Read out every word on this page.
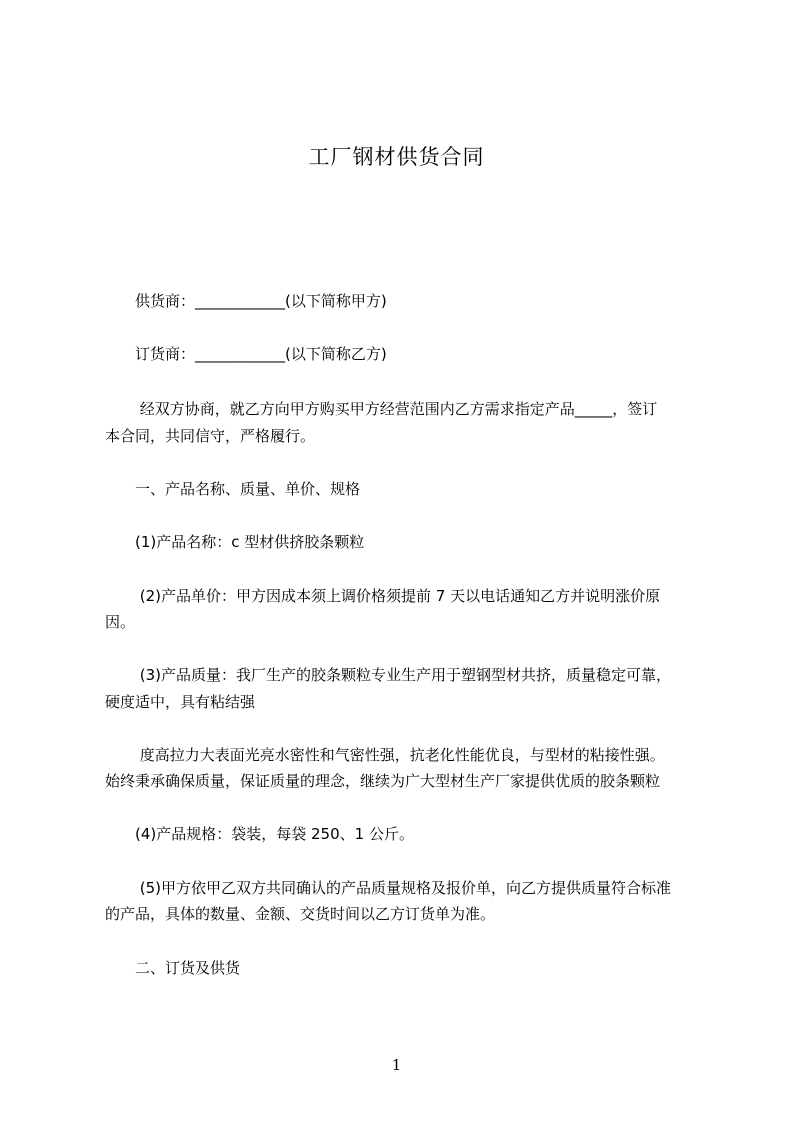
工厂钢材供货合同
　　供货商：____________(以下简称甲方)
　　订货商：____________(以下简称乙方)
　　 经双方协商，就乙方向甲方购买甲方经营范围内乙方需求指定产品_____，签订
本合同，共同信守，严格履行。
　　一、产品名称、质量、单价、规格
　　(1)产品名称：c 型材供挤胶条颗粒
　　 (2)产品单价：甲方因成本须上调价格须提前 7 天以电话通知乙方并说明涨价原
因。
　　 (3)产品质量：我厂生产的胶条颗粒专业生产用于塑钢型材共挤，质量稳定可靠，
硬度适中，具有粘结强
　　 度高拉力大表面光亮水密性和气密性强，抗老化性能优良，与型材的粘接性强。
始终秉承确保质量，保证质量的理念，继续为广大型材生产厂家提供优质的胶条颗粒
　　(4)产品规格：袋装，每袋 250、1 公斤。
　　 (5)甲方依甲乙双方共同确认的产品质量规格及报价单，向乙方提供质量符合标准
的产品，具体的数量、金额、交货时间以乙方订货单为准。
　　二、订货及供货
1
